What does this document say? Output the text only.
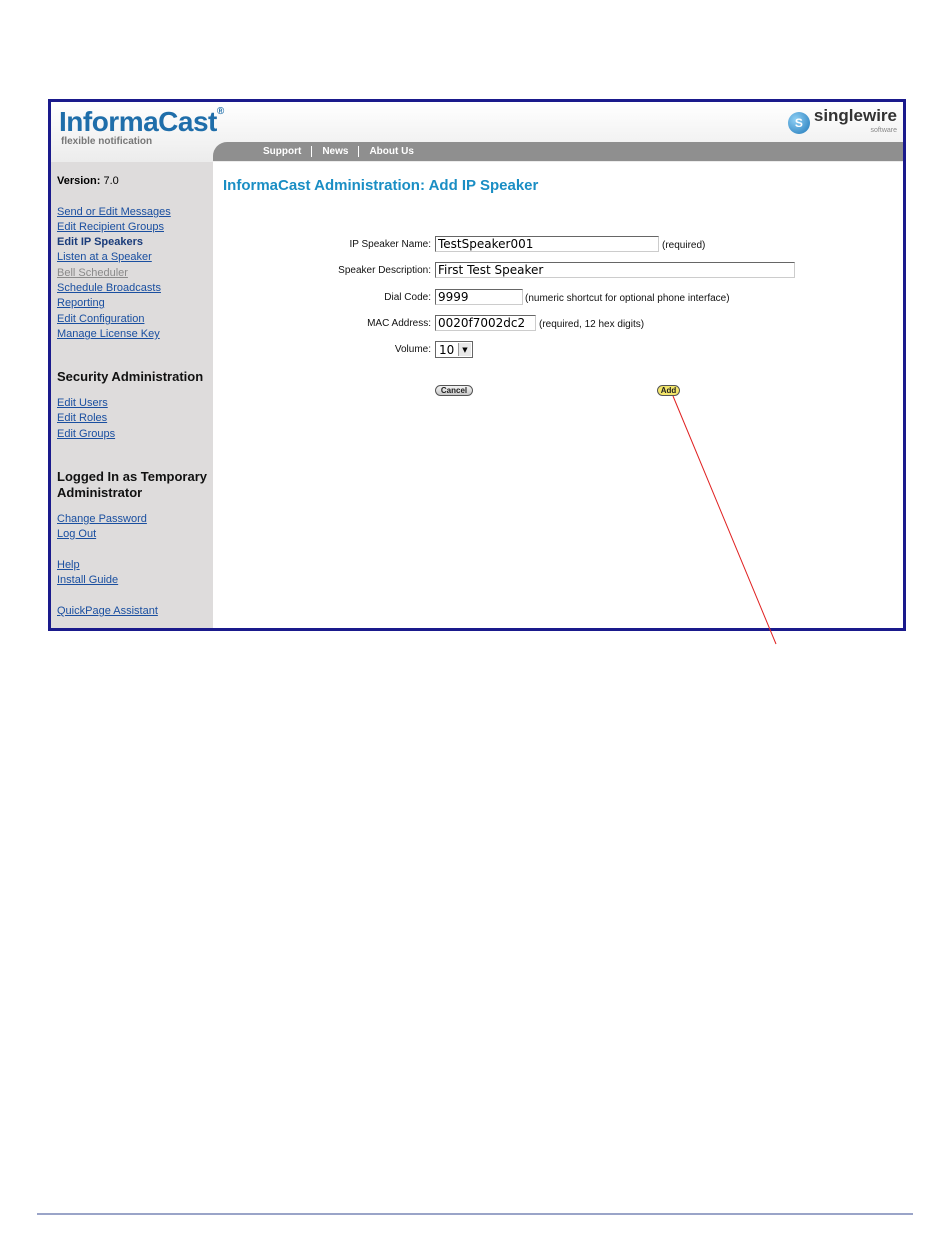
InformaCast®
flexible notification
S singlewire
software
Support	News	About Us
Version: 7.0
Send or Edit Messages
Edit Recipient Groups
Edit IP Speakers
Listen at a Speaker
Bell Scheduler
Schedule Broadcasts
Reporting
Edit Configuration
Manage License Key
Security Administration
Edit Users
Edit Roles
Edit Groups
Logged In as Temporary Administrator
Change Password
Log Out
Help
Install Guide
QuickPage Assistant
InformaCast Administration: Add IP Speaker
IP Speaker Name: TestSpeaker001	(required)
Speaker Description: First Test Speaker
Dial Code: 9999	(numeric shortcut for optional phone interface)
MAC Address: 0020f7002dc2	(required, 12 hex digits)
Volume: 10	▼
Cancel	Add
